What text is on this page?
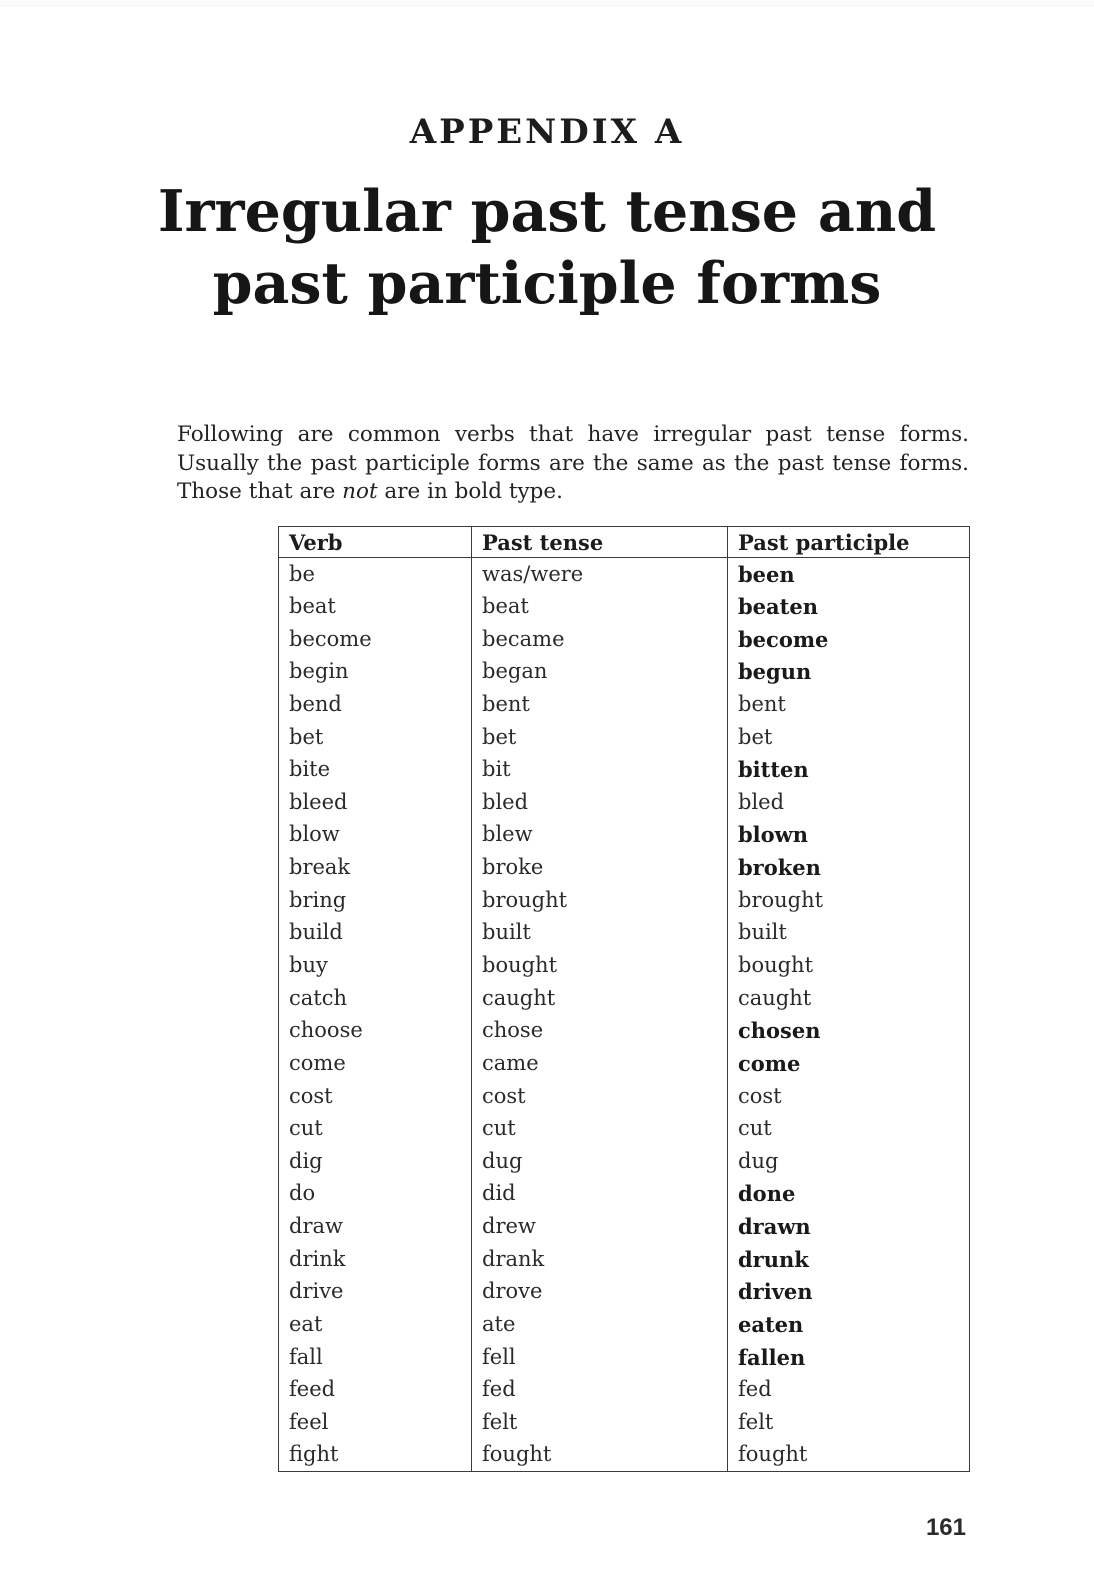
APPENDIX A
Irregular past tense and
past participle forms

Following are common verbs that have irregular past tense forms. Usually the past participle forms are the same as the past tense forms. Those that are not are in bold type.

Verb	Past tense	Past participle
be	was/were	been
beat	beat	beaten
become	became	become
begin	began	begun
bend	bent	bent
bet	bet	bet
bite	bit	bitten
bleed	bled	bled
blow	blew	blown
break	broke	broken
bring	brought	brought
build	built	built
buy	bought	bought
catch	caught	caught
choose	chose	chosen
come	came	come
cost	cost	cost
cut	cut	cut
dig	dug	dug
do	did	done
draw	drew	drawn
drink	drank	drunk
drive	drove	driven
eat	ate	eaten
fall	fell	fallen
feed	fed	fed
feel	felt	felt
fight	fought	fought
161
